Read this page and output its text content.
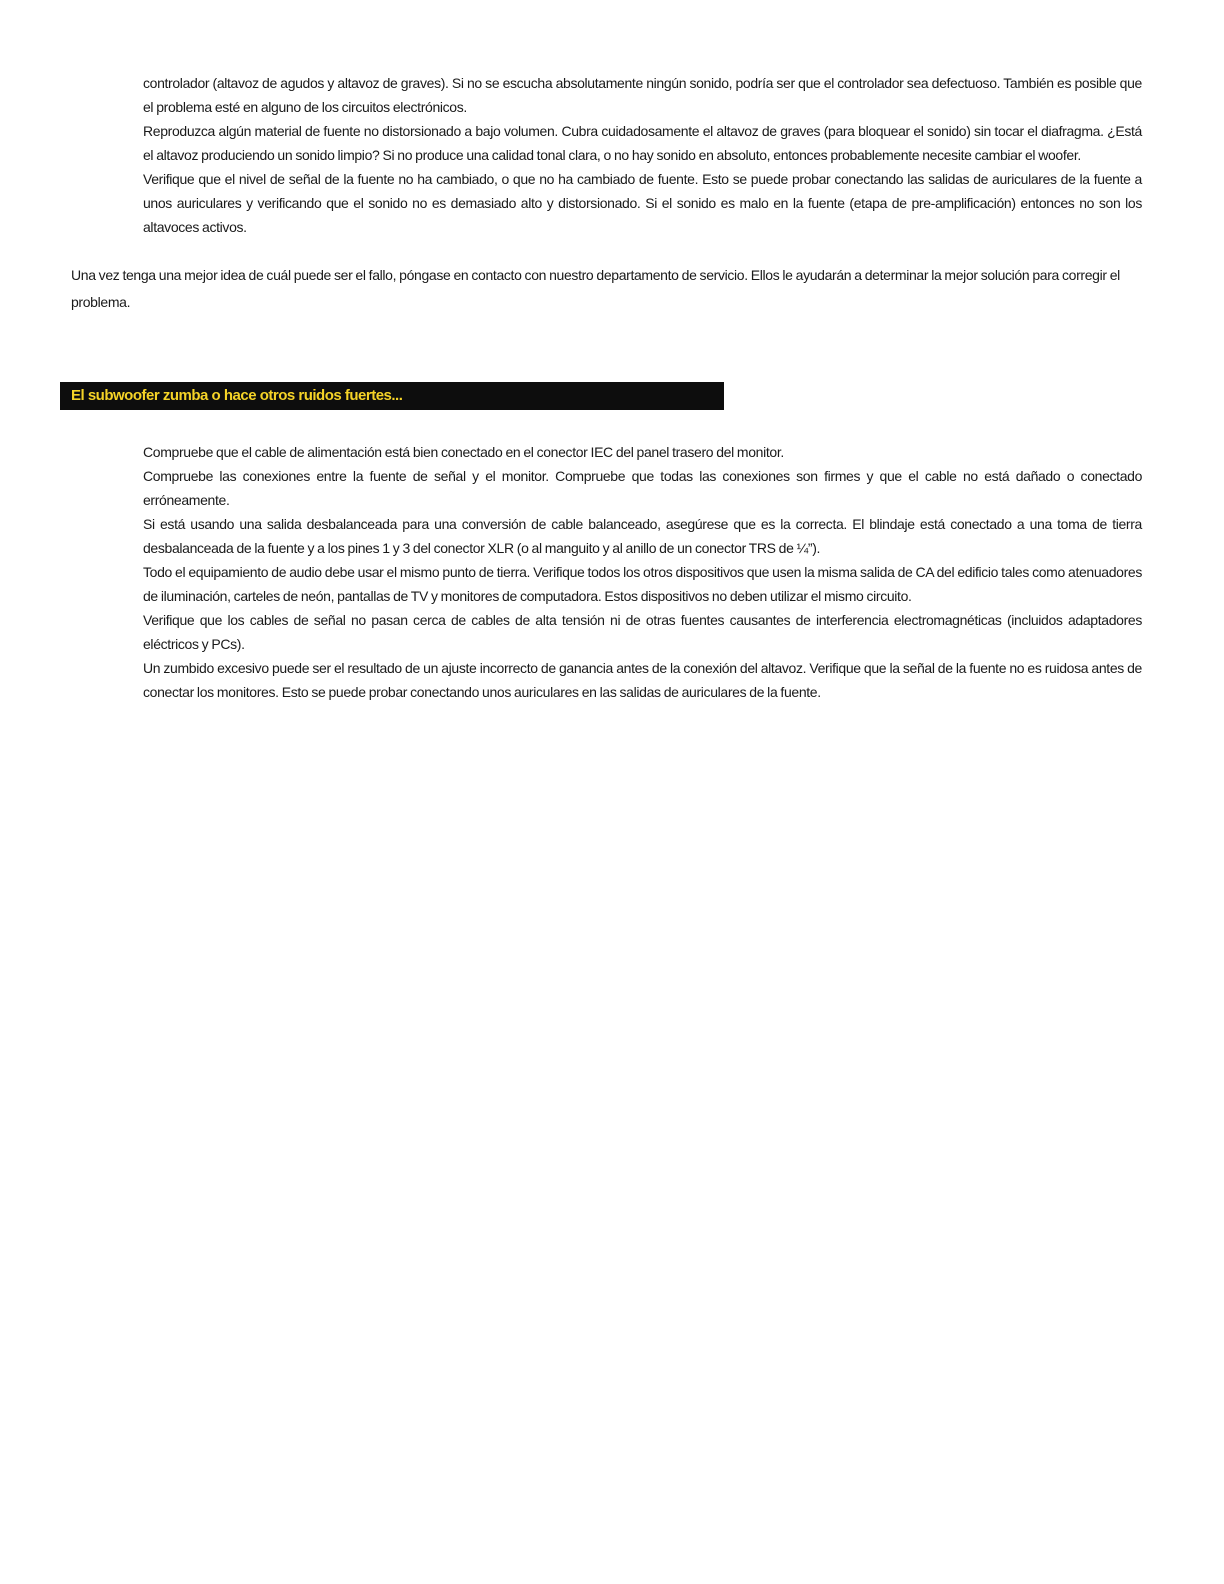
controlador (altavoz de agudos y altavoz de graves). Si no se escucha absolutamente ningún sonido, podría ser que el controlador sea defectuoso. También es posible que el problema esté en alguno de los circuitos electrónicos.

Reproduzca algún material de fuente no distorsionado a bajo volumen. Cubra cuidadosamente el altavoz de graves (para bloquear el sonido) sin tocar el diafragma. ¿Está el altavoz produciendo un sonido limpio? Si no produce una calidad tonal clara, o no hay sonido en absoluto, entonces probablemente necesite cambiar el woofer.

Verifique que el nivel de señal de la fuente no ha cambiado, o que no ha cambiado de fuente. Esto se puede probar conectando las salidas de auriculares de la fuente a unos auriculares y verificando que el sonido no es demasiado alto y distorsionado. Si el sonido es malo en la fuente (etapa de pre-amplificación) entonces no son los altavoces activos.

Una vez tenga una mejor idea de cuál puede ser el fallo, póngase en contacto con nuestro departamento de servicio. Ellos le ayudarán a determinar la mejor solución para corregir el problema.

El subwoofer zumba o hace otros ruidos fuertes...

Compruebe que el cable de alimentación está bien conectado en el conector IEC del panel trasero del monitor.

Compruebe las conexiones entre la fuente de señal y el monitor. Compruebe que todas las conexiones son firmes y que el cable no está dañado o conectado erróneamente.

Si está usando una salida desbalanceada para una conversión de cable balanceado, asegúrese que es la correcta. El blindaje está conectado a una toma de tierra desbalanceada de la fuente y a los pines 1 y 3 del conector XLR (o al manguito y al anillo de un conector TRS de ¼”).

Todo el equipamiento de audio debe usar el mismo punto de tierra. Verifique todos los otros dispositivos que usen la misma salida de CA del edificio tales como atenuadores de iluminación, carteles de neón, pantallas de TV y monitores de computadora. Estos dispositivos no deben utilizar el mismo circuito.

Verifique que los cables de señal no pasan cerca de cables de alta tensión ni de otras fuentes causantes de interferencia electromagnéticas (incluidos adaptadores eléctricos y PCs).

Un zumbido excesivo puede ser el resultado de un ajuste incorrecto de ganancia antes de la conexión del altavoz. Verifique que la señal de la fuente no es ruidosa antes de conectar los monitores. Esto se puede probar conectando unos auriculares en las salidas de auriculares de la fuente.
